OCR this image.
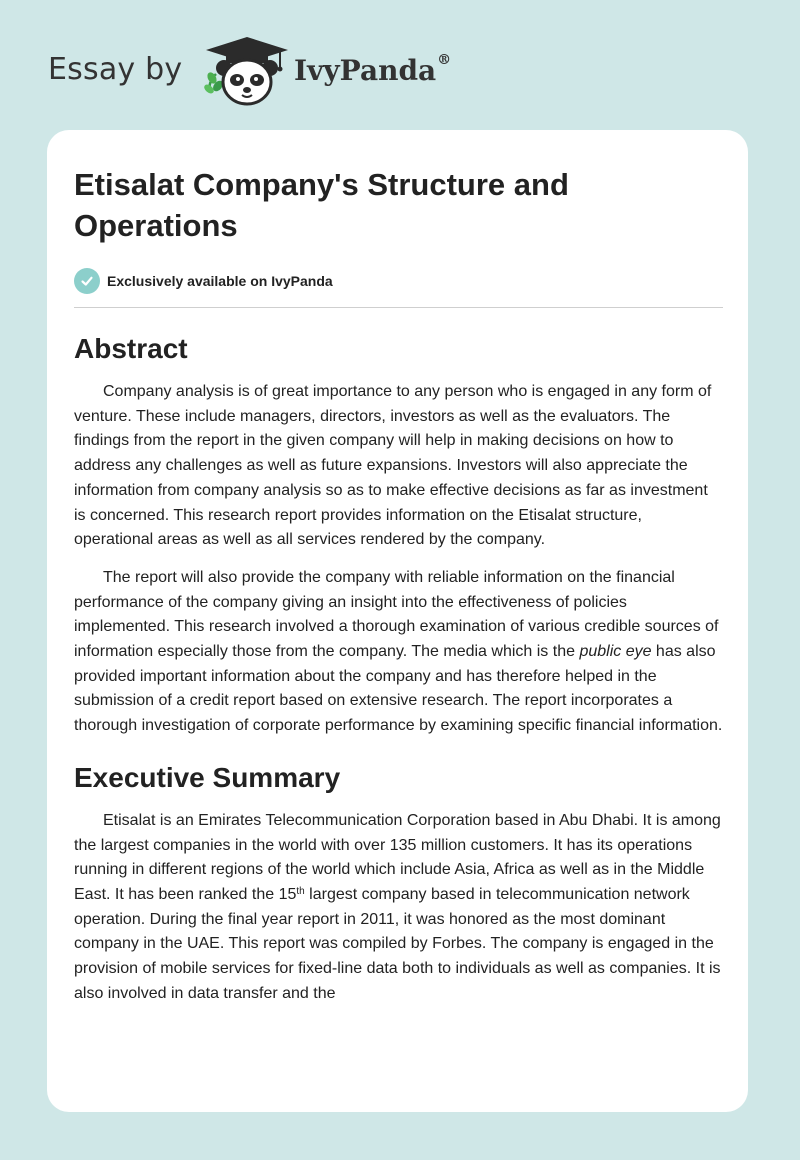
Essay by	IvyPanda®
Etisalat Company's Structure and
Operations
Exclusively available on IvyPanda
Abstract

Company analysis is of great importance to any person who is engaged in any form of venture. These include managers, directors, investors as well as the evaluators. The findings from the report in the given company will help in making decisions on how to address any challenges as well as future expansions. Investors will also appreciate the information from company analysis so as to make effective decisions as far as investment is concerned. This research report provides information on the Etisalat structure, operational areas as well as all services rendered by the company.

The report will also provide the company with reliable information on the financial performance of the company giving an insight into the effectiveness of policies implemented. This research involved a thorough examination of various credible sources of information especially those from the company. The media which is the public eye has also provided important information about the company and has therefore helped in the submission of a credit report based on extensive research. The report incorporates a thorough investigation of corporate performance by examining specific financial information.

Executive Summary

Etisalat is an Emirates Telecommunication Corporation based in Abu Dhabi. It is among the largest companies in the world with over 135 million customers. It has its operations running in different regions of the world which include Asia, Africa as well as in the Middle East. It has been ranked the 15th largest company based in telecommunication network operation. During the final year report in 2011, it was honored as the most dominant company in the UAE. This report was compiled by Forbes. The company is engaged in the provision of mobile services for fixed-line data both to individuals as well as companies. It is also involved in data transfer and the
